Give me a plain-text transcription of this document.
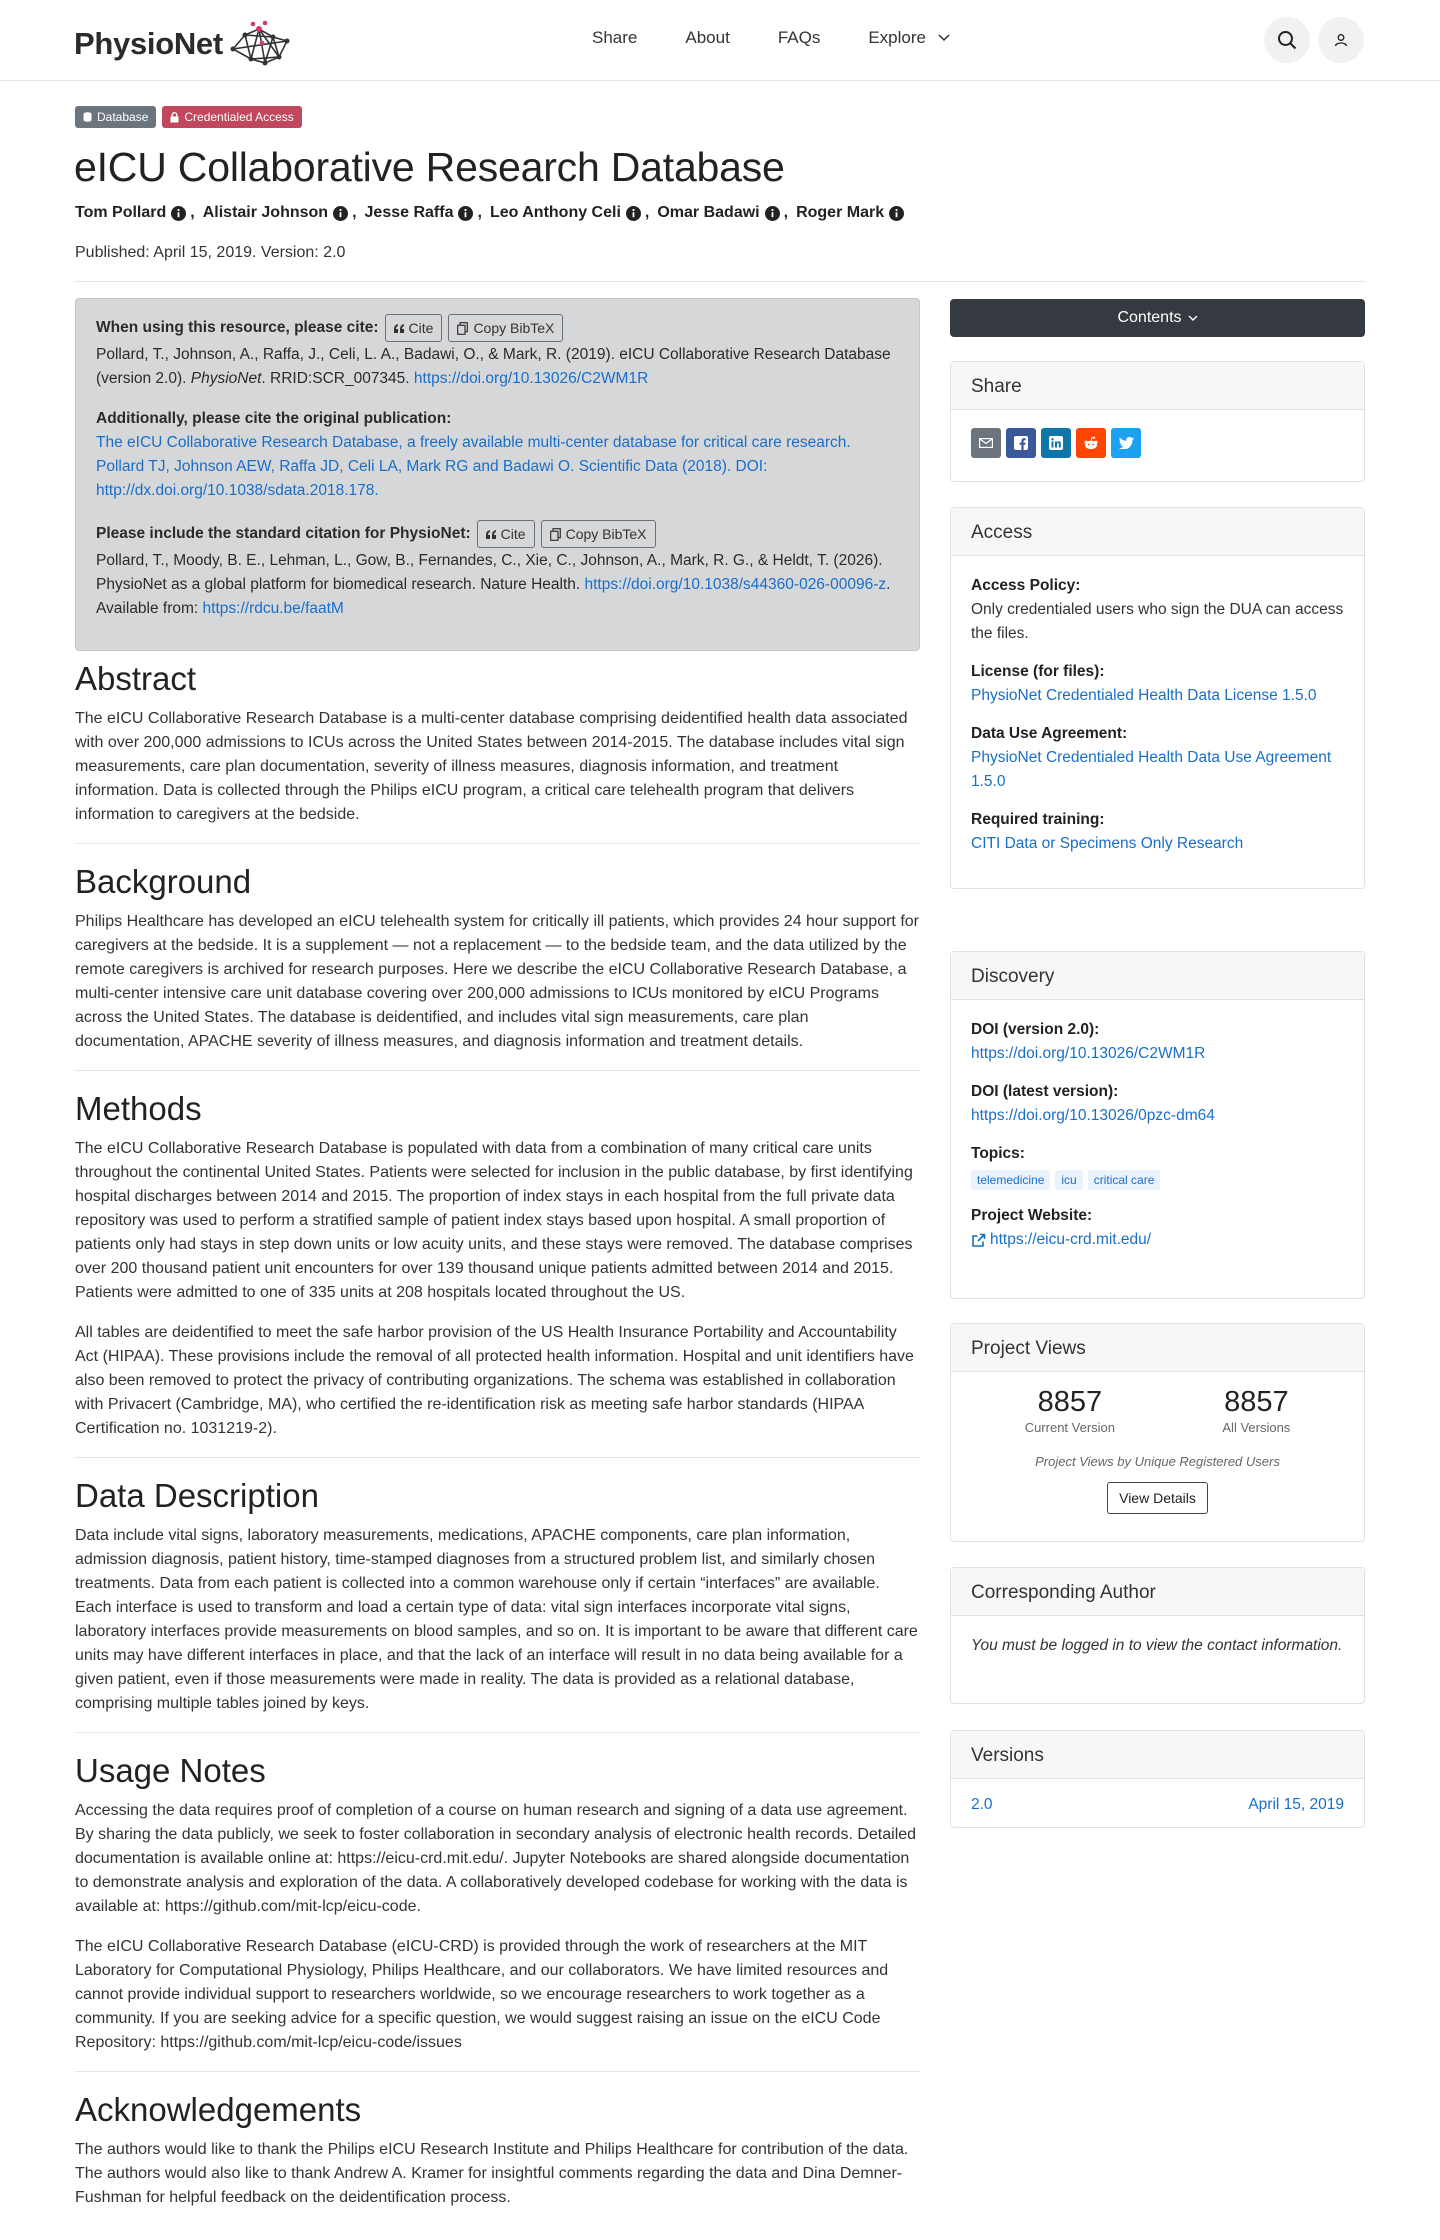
PhysioNet	Share	About	FAQs	Explore
Database	Credentialed Access
eICU Collaborative Research Database
Tom Pollard , Alistair Johnson , Jesse Raffa , Leo Anthony Celi , Omar Badawi , Roger Mark
Published: April 15, 2019. Version: 2.0
When using this resource, please cite: Cite	Copy BibTeX
Pollard, T., Johnson, A., Raffa, J., Celi, L. A., Badawi, O., & Mark, R. (2019). eICU Collaborative Research Database (version 2.0). PhysioNet. RRID:SCR_007345. https://doi.org/10.13026/C2WM1R
Additionally, please cite the original publication:
The eICU Collaborative Research Database, a freely available multi-center database for critical care research. Pollard TJ, Johnson AEW, Raffa JD, Celi LA, Mark RG and Badawi O. Scientific Data (2018). DOI: http://dx.doi.org/10.1038/sdata.2018.178.
Please include the standard citation for PhysioNet: Cite	Copy BibTeX
Pollard, T., Moody, B. E., Lehman, L., Gow, B., Fernandes, C., Xie, C., Johnson, A., Mark, R. G., & Heldt, T. (2026). PhysioNet as a global platform for biomedical research. Nature Health. https://doi.org/10.1038/s44360-026-00096-z. Available from: https://rdcu.be/faatM
Abstract

The eICU Collaborative Research Database is a multi-center database comprising deidentified health data associated with over 200,000 admissions to ICUs across the United States between 2014-2015. The database includes vital sign measurements, care plan documentation, severity of illness measures, diagnosis information, and treatment information. Data is collected through the Philips eICU program, a critical care telehealth program that delivers information to caregivers at the bedside.

Background

Philips Healthcare has developed an eICU telehealth system for critically ill patients, which provides 24 hour support for caregivers at the bedside. It is a supplement — not a replacement — to the bedside team, and the data utilized by the remote caregivers is archived for research purposes. Here we describe the eICU Collaborative Research Database, a multi-center intensive care unit database covering over 200,000 admissions to ICUs monitored by eICU Programs across the United States. The database is deidentified, and includes vital sign measurements, care plan documentation, APACHE severity of illness measures, and diagnosis information and treatment details.

Methods

The eICU Collaborative Research Database is populated with data from a combination of many critical care units throughout the continental United States. Patients were selected for inclusion in the public database, by first identifying hospital discharges between 2014 and 2015. The proportion of index stays in each hospital from the full private data repository was used to perform a stratified sample of patient index stays based upon hospital. A small proportion of patients only had stays in step down units or low acuity units, and these stays were removed. The database comprises over 200 thousand patient unit encounters for over 139 thousand unique patients admitted between 2014 and 2015. Patients were admitted to one of 335 units at 208 hospitals located throughout the US.

All tables are deidentified to meet the safe harbor provision of the US Health Insurance Portability and Accountability Act (HIPAA). These provisions include the removal of all protected health information. Hospital and unit identifiers have also been removed to protect the privacy of contributing organizations. The schema was established in collaboration with Privacert (Cambridge, MA), who certified the re-identification risk as meeting safe harbor standards (HIPAA Certification no. 1031219-2).

Data Description

Data include vital signs, laboratory measurements, medications, APACHE components, care plan information, admission diagnosis, patient history, time-stamped diagnoses from a structured problem list, and similarly chosen treatments. Data from each patient is collected into a common warehouse only if certain “interfaces” are available. Each interface is used to transform and load a certain type of data: vital sign interfaces incorporate vital signs, laboratory interfaces provide measurements on blood samples, and so on. It is important to be aware that different care units may have different interfaces in place, and that the lack of an interface will result in no data being available for a given patient, even if those measurements were made in reality. The data is provided as a relational database, comprising multiple tables joined by keys.

Usage Notes

Accessing the data requires proof of completion of a course on human research and signing of a data use agreement. By sharing the data publicly, we seek to foster collaboration in secondary analysis of electronic health records. Detailed documentation is available online at: https://eicu-crd.mit.edu/. Jupyter Notebooks are shared alongside documentation to demonstrate analysis and exploration of the data. A collaboratively developed codebase for working with the data is available at: https://github.com/mit-lcp/eicu-code.

The eICU Collaborative Research Database (eICU-CRD) is provided through the work of researchers at the MIT Laboratory for Computational Physiology, Philips Healthcare, and our collaborators. We have limited resources and cannot provide individual support to researchers worldwide, so we encourage researchers to work together as a community. If you are seeking advice for a specific question, we would suggest raising an issue on the eICU Code Repository: https://github.com/mit-lcp/eicu-code/issues

Acknowledgements

The authors would like to thank the Philips eICU Research Institute and Philips Healthcare for contribution of the data. The authors would also like to thank Andrew A. Kramer for insightful comments regarding the data and Dina Demner-Fushman for helpful feedback on the deidentification process.

Contents
Share
Access
Access Policy:
Only credentialed users who sign the DUA can access the files.
License (for files):
PhysioNet Credentialed Health Data License 1.5.0
Data Use Agreement:
PhysioNet Credentialed Health Data Use Agreement 1.5.0
Required training:
CITI Data or Specimens Only Research
Discovery
DOI (version 2.0):
https://doi.org/10.13026/C2WM1R
DOI (latest version):
https://doi.org/10.13026/0pzc-dm64
Topics:
telemedicine	icu	critical care
Project Website:
https://eicu-crd.mit.edu/
Project Views
8857
Current Version
8857
All Versions
Project Views by Unique Registered Users
View Details
Corresponding Author
You must be logged in to view the contact information.
Versions
2.0	April 15, 2019
